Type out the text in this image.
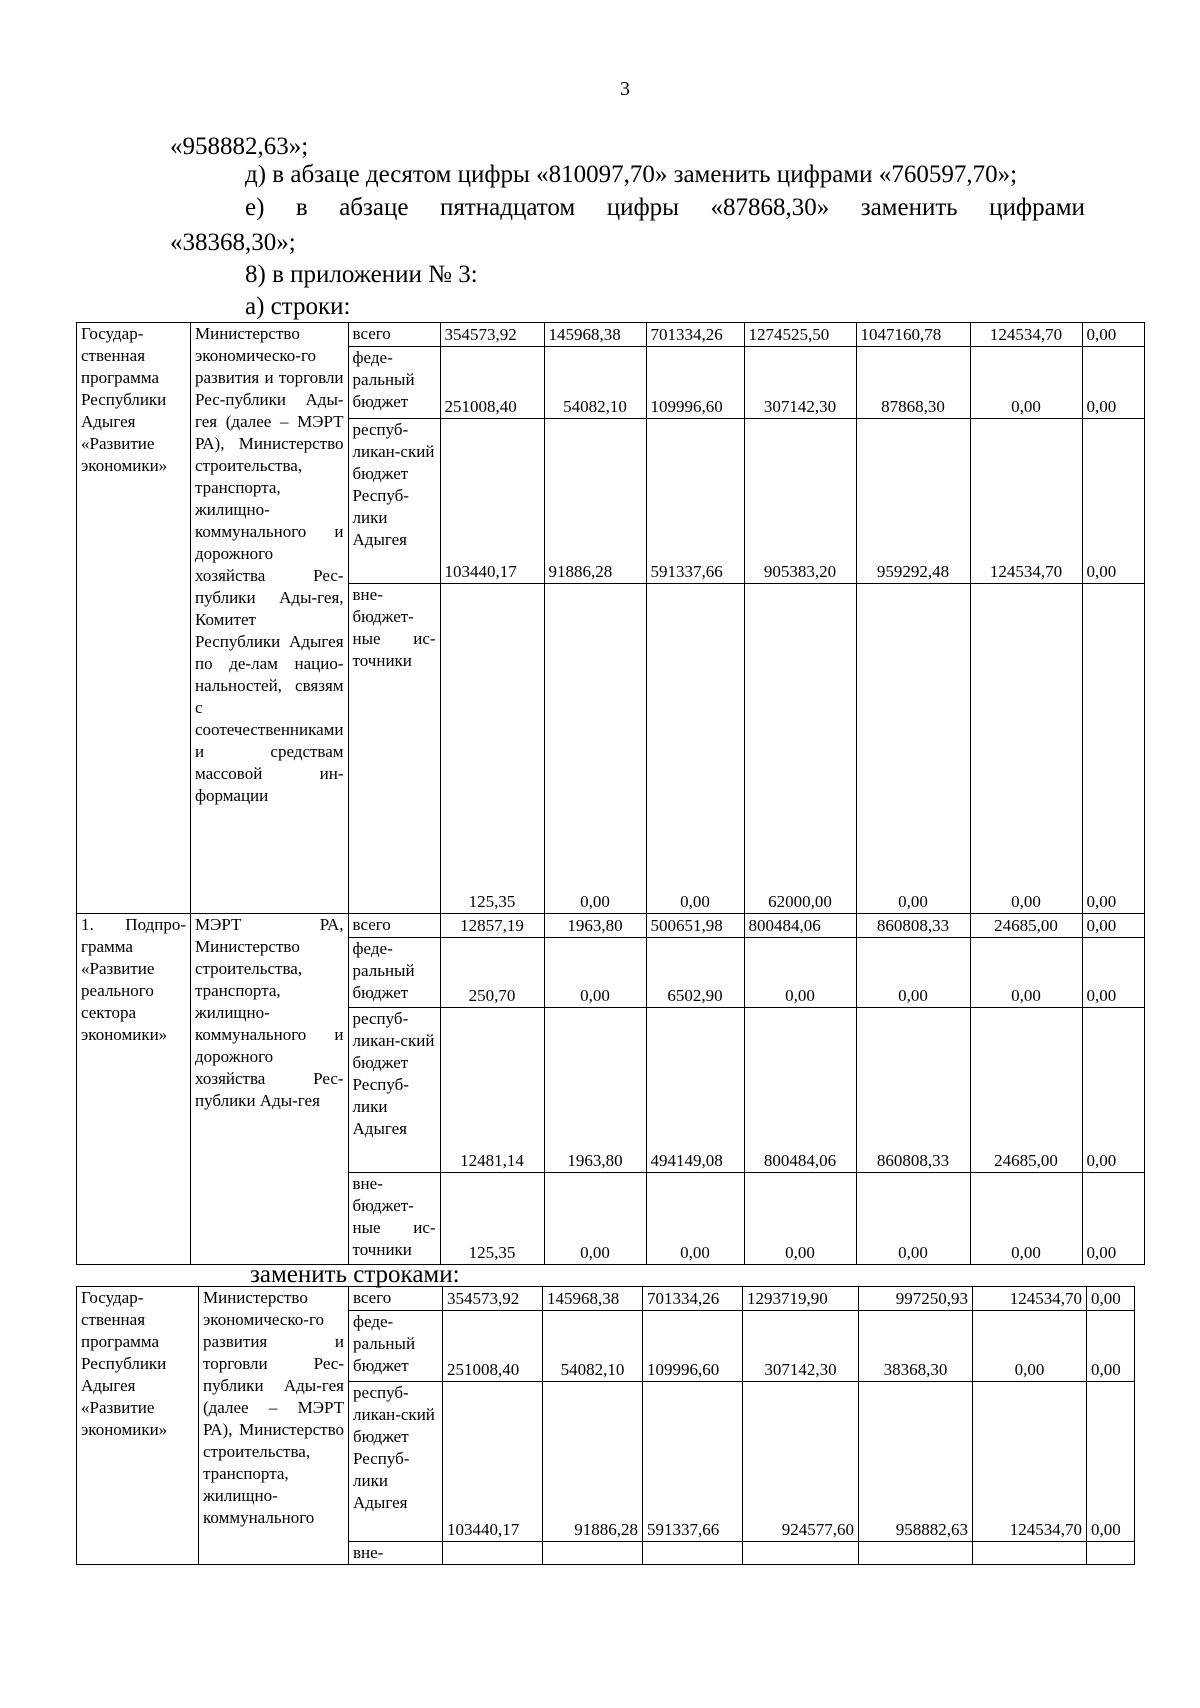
3
«958882,63»;
д) в абзаце десятом цифры «810097,70» заменить цифрами «760597,70»;
е) в абзаце пятнадцатом цифры «87868,30» заменить цифрами
«38368,30»;
8) в приложении № 3:
а) строки:
Государ-ственная программа Республики Адыгея «Развитие экономики»	Министерство экономическо-го развития и торговли Рес-публики Ады-гея (далее – МЭРТ РА), Министерство строительства, транспорта, жилищно-коммунального и дорожного хозяйства Рес-публики Ады-гея, Комитет Республики Адыгея по де-лам нацио-нальностей, связям с соотечественниками и средствам массовой ин-формации	всего	354573,92	145968,38	701334,26	1274525,50	1047160,78	124534,70	0,00
		феде-ральный бюджет	251008,40	54082,10	109996,60	307142,30	87868,30	0,00	0,00
		респуб-ликан-ский бюджет Респуб-лики Адыгея	103440,17	91886,28	591337,66	905383,20	959292,48	124534,70	0,00
		вне-бюджет-ные ис-точники	125,35	0,00	0,00	62000,00	0,00	0,00	0,00
1. Подпро-грамма «Развитие реального сектора экономики»	МЭРТ РА, Министерство строительства, транспорта, жилищно-коммунального и дорожного хозяйства Рес-публики Ады-гея	всего	12857,19	1963,80	500651,98	800484,06	860808,33	24685,00	0,00
		феде-ральный бюджет	250,70	0,00	6502,90	0,00	0,00	0,00	0,00
		респуб-ликан-ский бюджет Респуб-лики Адыгея	12481,14	1963,80	494149,08	800484,06	860808,33	24685,00	0,00
		вне-бюджет-ные ис-точники	125,35	0,00	0,00	0,00	0,00	0,00	0,00
заменить строками:
Государ-ственная программа Республики Адыгея «Развитие экономики»	Министерство экономическо-го развития и торговли Рес-публики Ады-гея (далее – МЭРТ РА), Министерство строительства, транспорта, жилищно-коммунального	всего	354573,92	145968,38	701334,26	1293719,90	997250,93	124534,70	0,00
		феде-ральный бюджет	251008,40	54082,10	109996,60	307142,30	38368,30	0,00	0,00
		респуб-ликан-ский бюджет Респуб-лики Адыгея	103440,17	91886,28	591337,66	924577,60	958882,63	124534,70	0,00
		вне-							
